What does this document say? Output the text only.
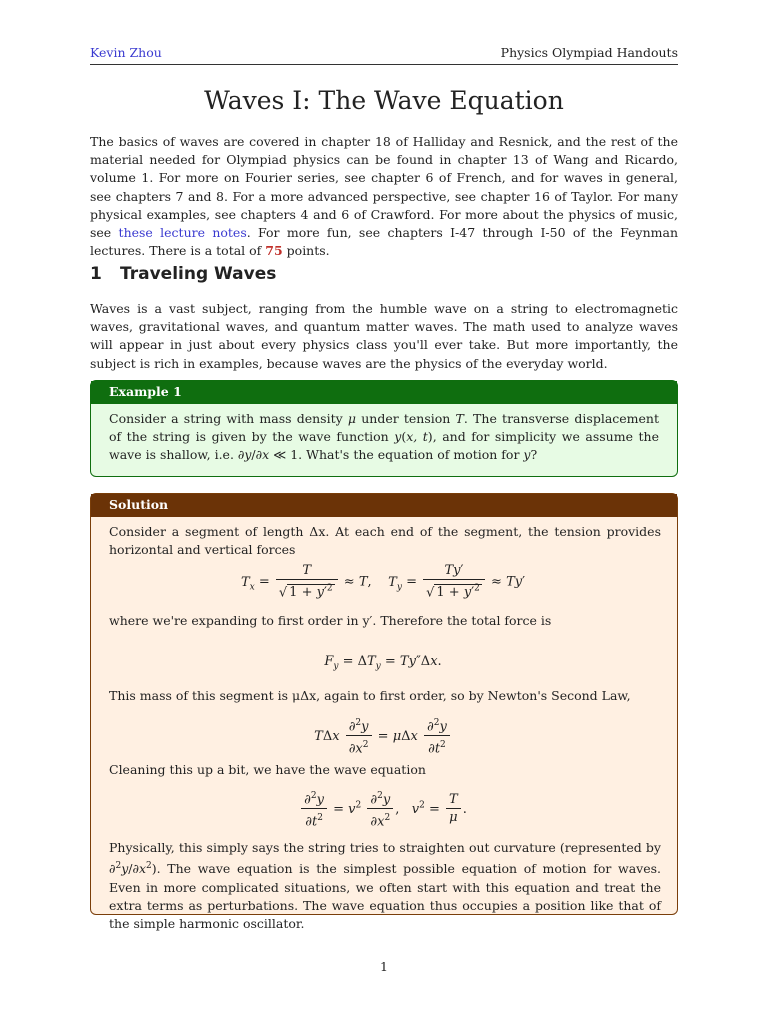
Kevin Zhou	Physics Olympiad Handouts
Waves I: The Wave Equation
The basics of waves are covered in chapter 18 of Halliday and Resnick, and the rest of the material needed for Olympiad physics can be found in chapter 13 of Wang and Ricardo, volume 1. For more on Fourier series, see chapter 6 of French, and for waves in general, see chapters 7 and 8. For a more advanced perspective, see chapter 16 of Taylor. For many physical examples, see chapters 4 and 6 of Crawford. For more about the physics of music, see these lecture notes. For more fun, see chapters I-47 through I-50 of the Feynman lectures. There is a total of 75 points.
1 Traveling Waves
Waves is a vast subject, ranging from the humble wave on a string to electromagnetic waves, gravitational waves, and quantum matter waves. The math used to analyze waves will appear in just about every physics class you'll ever take. But more importantly, the subject is rich in examples, because waves are the physics of the everyday world.
Example 1
Consider a string with mass density μ under tension T. The transverse displacement of the string is given by the wave function y(x, t), and for simplicity we assume the wave is shallow, i.e. ∂y/∂x ≪ 1. What's the equation of motion for y?
Solution
Consider a segment of length Δx. At each end of the segment, the tension provides horizontal and vertical forces
$T_x = \frac{T}{√ 1 + y'^2} \approx T$,    $T_y = \frac{Ty'}{√ 1 + y'^2} \approx Ty'$
where we're expanding to first order in y′. Therefore the total force is
$F_y = \Delta T_y = Ty''\Delta x$.
This mass of this segment is μΔx, again to first order, so by Newton's Second Law,
TΔx $\frac{\partial^2y}{\partial x^2} = \mu\Delta x \frac{\partial^2y}{\partial t^2}$
Cleaning this up a bit, we have the wave equation
$\frac{\partial^2y}{\partial t^2} = v^2 \frac{\partial^2y}{\partial x^2}$ ,   $v^2 = \frac{T}{\mu}$ .
Physically, this simply says the string tries to straighten out curvature (represented by $\partial^2y/\partial x^2$). The wave equation is the simplest possible equation of motion for waves. Even in more complicated situations, we often start with this equation and treat the extra terms as perturbations. The wave equation thus occupies a position like that of the simple harmonic oscillator.
1
